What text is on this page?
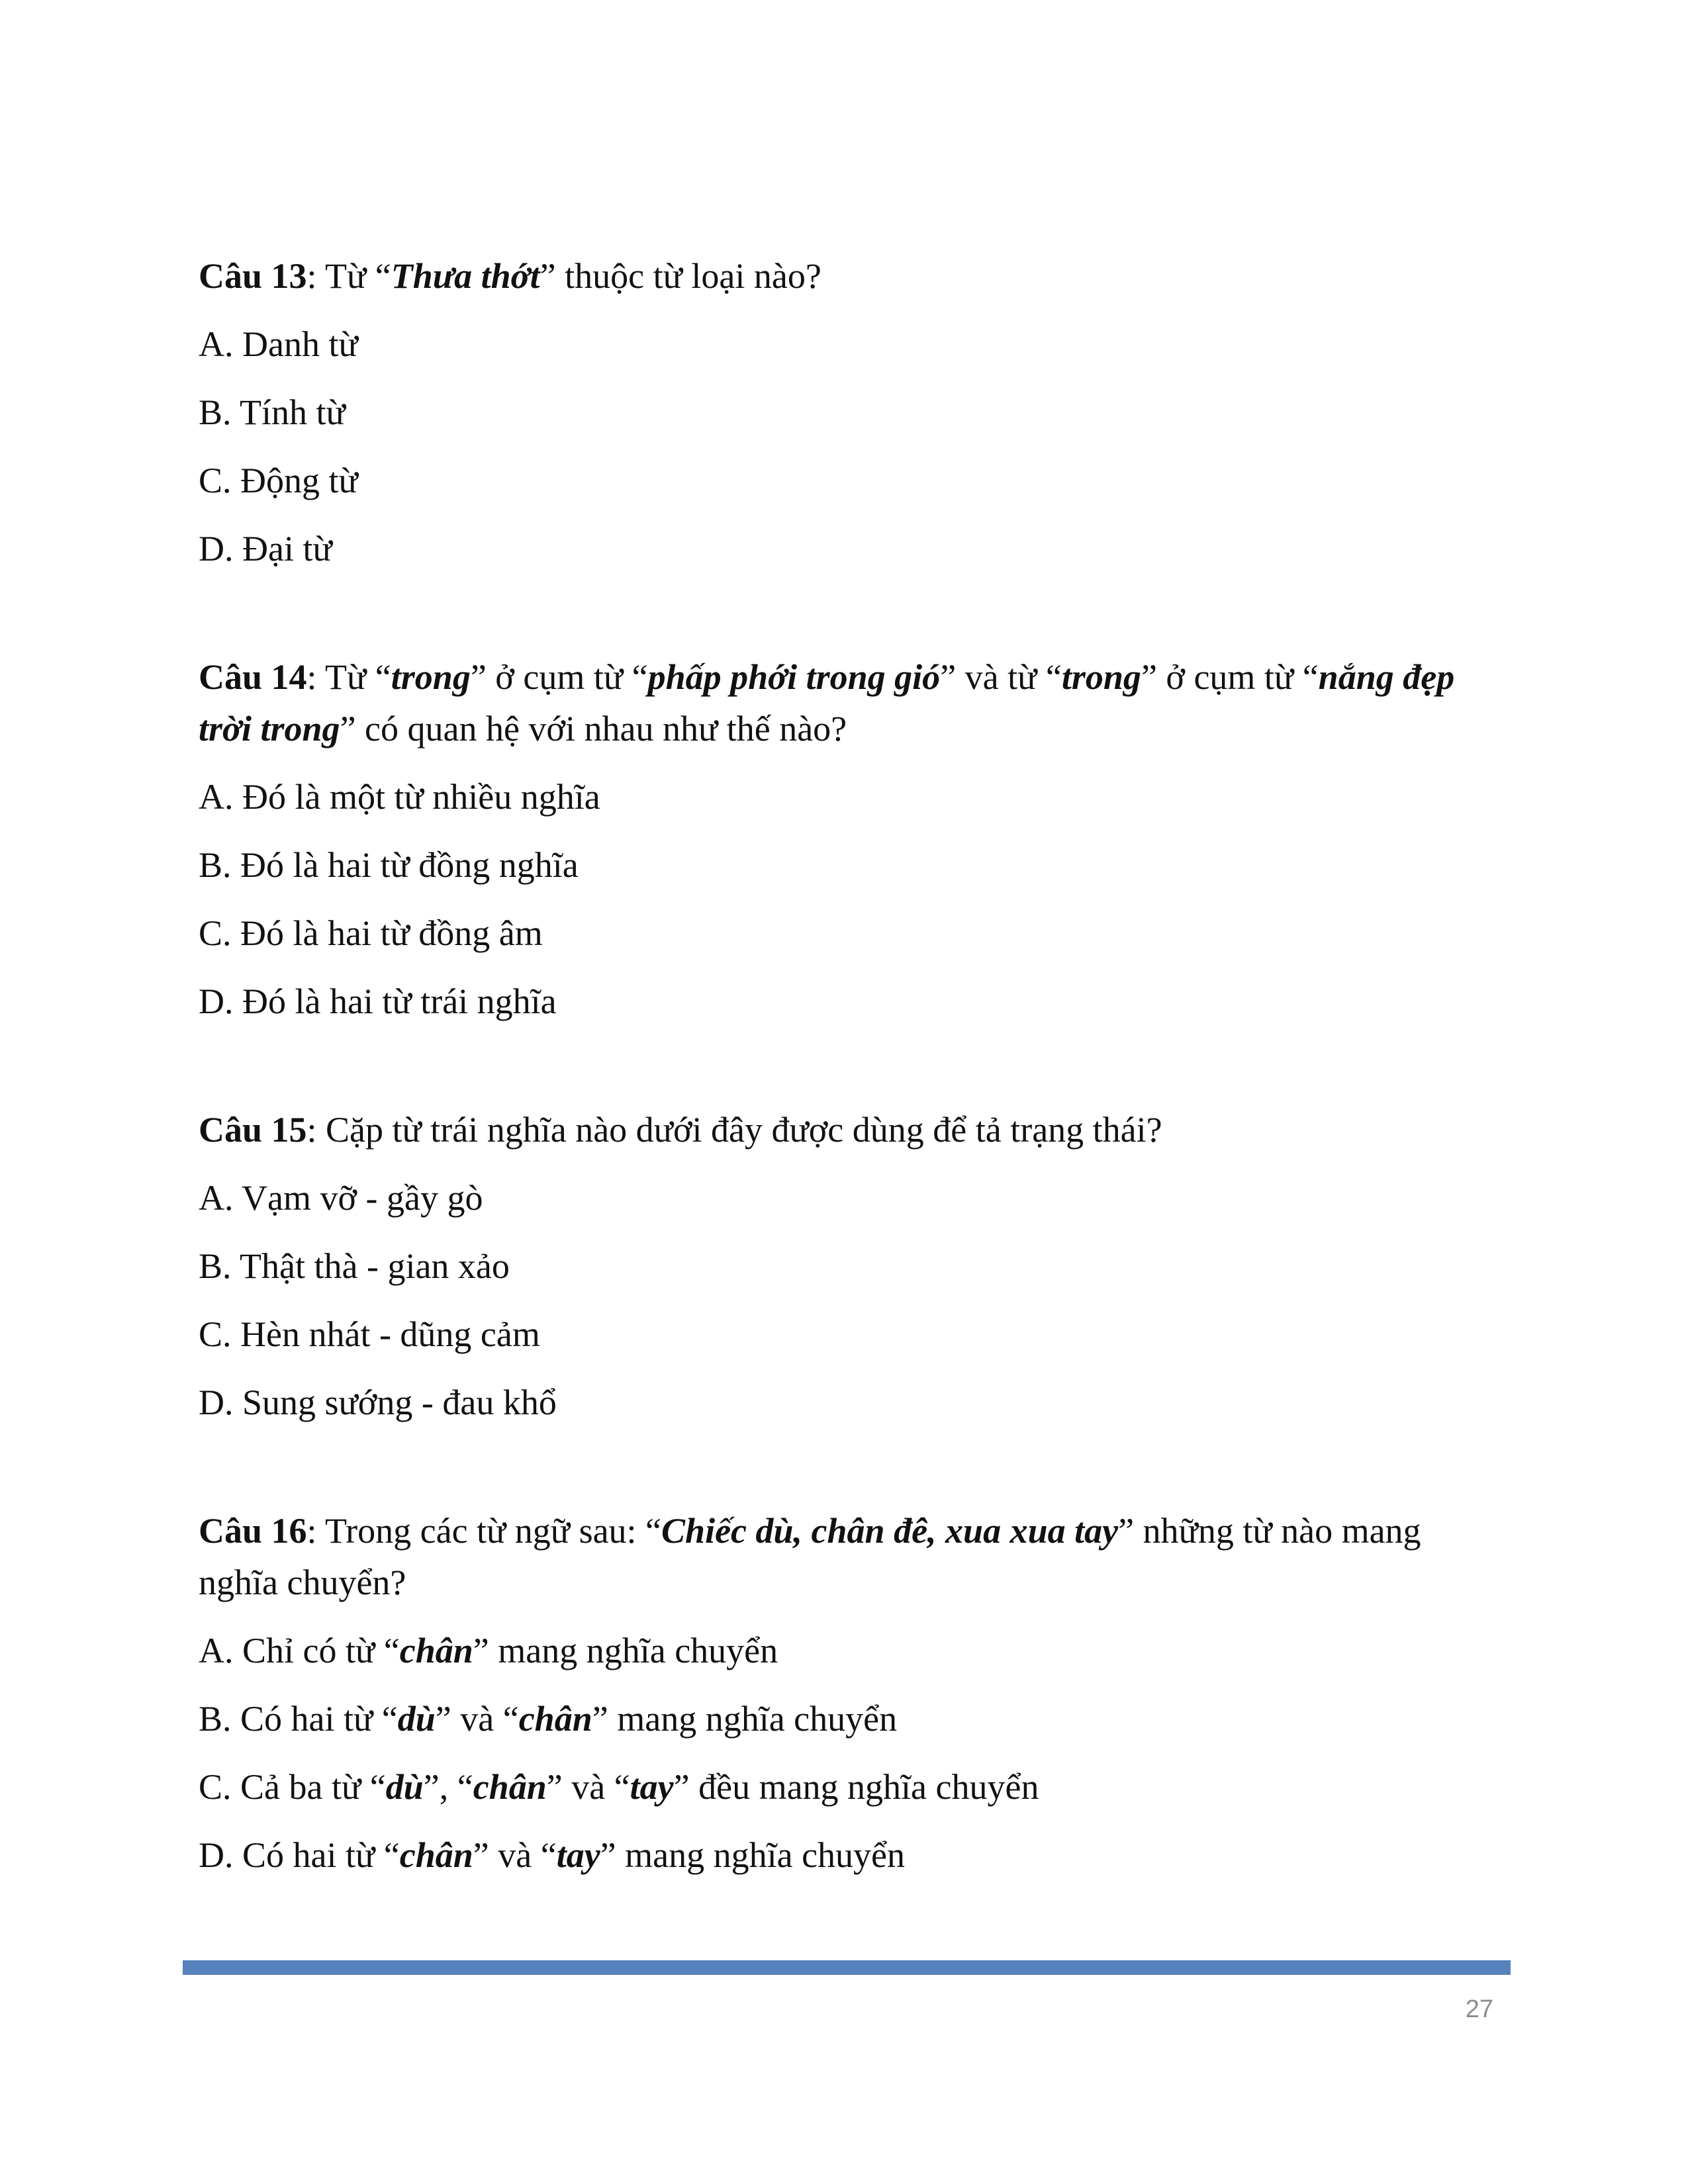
Câu 13: Từ “Thưa thớt” thuộc từ loại nào?

A. Danh từ

B. Tính từ

C. Động từ

D. Đại từ

Câu 14: Từ “trong” ở cụm từ “phấp phới trong gió” và từ “trong” ở cụm từ “nắng đẹp trời trong” có quan hệ với nhau như thế nào?

A. Đó là một từ nhiều nghĩa

B. Đó là hai từ đồng nghĩa

C. Đó là hai từ đồng âm

D. Đó là hai từ trái nghĩa

Câu 15: Cặp từ trái nghĩa nào dưới đây được dùng để tả trạng thái?

A. Vạm vỡ - gầy gò

B. Thật thà - gian xảo

C. Hèn nhát - dũng cảm

D. Sung sướng - đau khổ

Câu 16: Trong các từ ngữ sau: “Chiếc dù, chân đê, xua xua tay” những từ nào mang nghĩa chuyển?

A. Chỉ có từ “chân” mang nghĩa chuyển

B. Có hai từ “dù” và “chân” mang nghĩa chuyển

C. Cả ba từ “dù”, “chân” và “tay” đều mang nghĩa chuyển

D. Có hai từ “chân” và “tay” mang nghĩa chuyển

27
